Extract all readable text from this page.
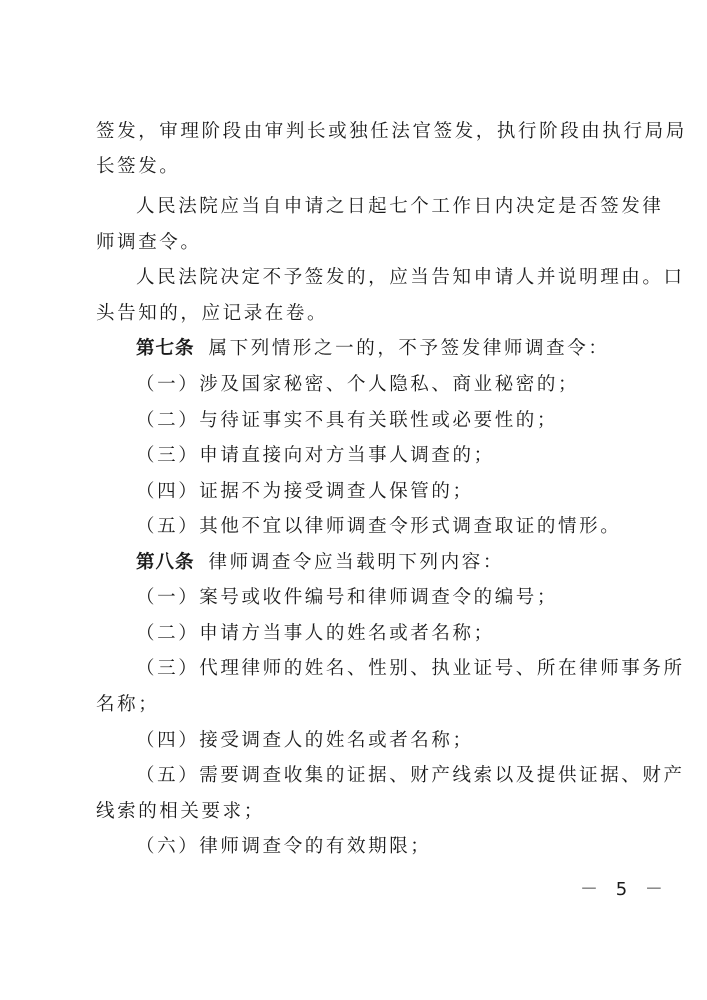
签发，审理阶段由审判长或独任法官签发，执行阶段由执行局局
长签发。
人民法院应当自申请之日起七个工作日内决定是否签发律
师调查令。
人民法院决定不予签发的，应当告知申请人并说明理由。口
头告知的，应记录在卷。
第七条 属下列情形之一的，不予签发律师调查令：
（一）涉及国家秘密、个人隐私、商业秘密的；
（二）与待证事实不具有关联性或必要性的；
（三）申请直接向对方当事人调查的；
（四）证据不为接受调查人保管的；
（五）其他不宜以律师调查令形式调查取证的情形。
第八条 律师调查令应当载明下列内容：
（一）案号或收件编号和律师调查令的编号；
（二）申请方当事人的姓名或者名称；
（三）代理律师的姓名、性别、执业证号、所在律师事务所
名称；
（四）接受调查人的姓名或者名称；
（五）需要调查收集的证据、财产线索以及提供证据、财产
线索的相关要求；
（六）律师调查令的有效期限；
－ 5 －
